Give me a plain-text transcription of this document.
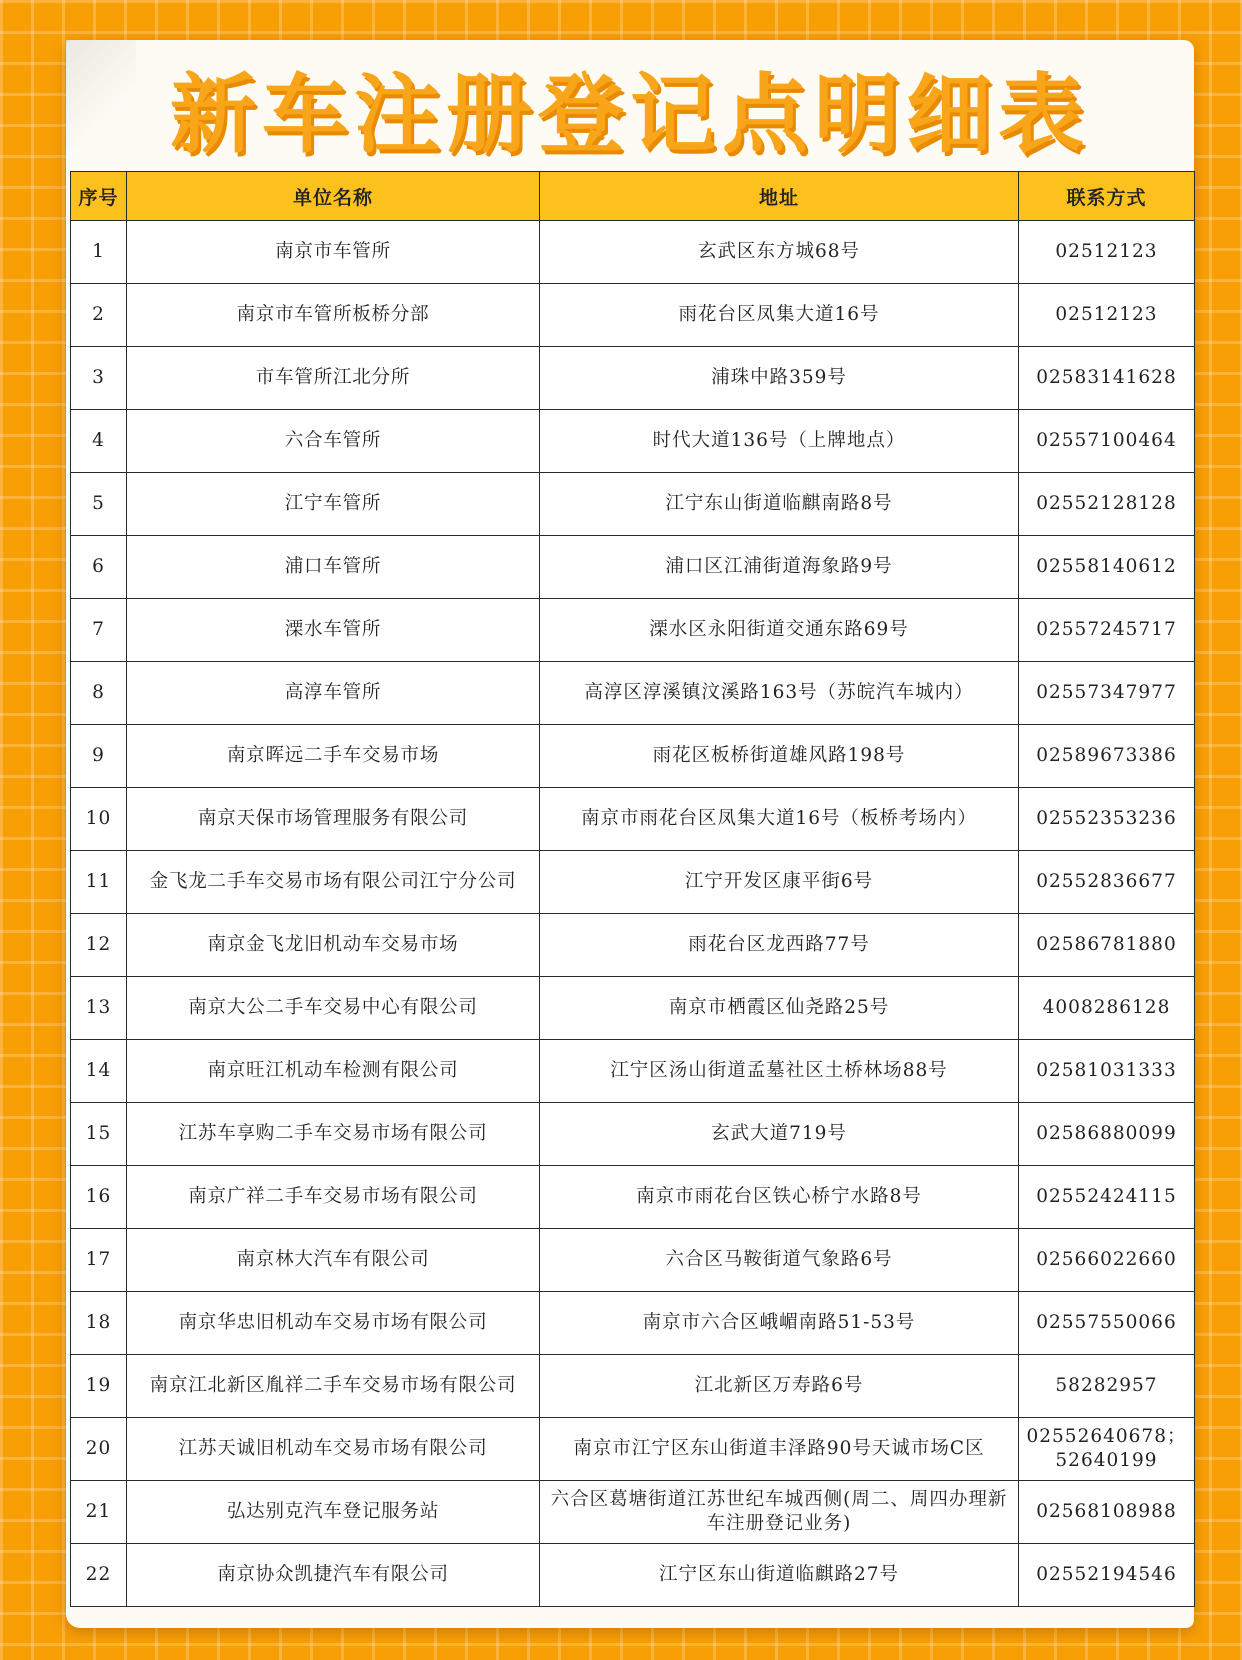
新车注册登记点明细表
序号	单位名称	地址	联系方式
1	南京市车管所	玄武区东方城68号	02512123
2	南京市车管所板桥分部	雨花台区凤集大道16号	02512123
3	市车管所江北分所	浦珠中路359号	02583141628
4	六合车管所	时代大道136号（上牌地点）	02557100464
5	江宁车管所	江宁东山街道临麒南路8号	02552128128
6	浦口车管所	浦口区江浦街道海象路9号	02558140612
7	溧水车管所	溧水区永阳街道交通东路69号	02557245717
8	高淳车管所	高淳区淳溪镇汶溪路163号（苏皖汽车城内）	02557347977
9	南京晖远二手车交易市场	雨花区板桥街道雄风路198号	02589673386
10	南京天保市场管理服务有限公司	南京市雨花台区凤集大道16号（板桥考场内）	02552353236
11	金飞龙二手车交易市场有限公司江宁分公司	江宁开发区康平街6号	02552836677
12	南京金飞龙旧机动车交易市场	雨花台区龙西路77号	02586781880
13	南京大公二手车交易中心有限公司	南京市栖霞区仙尧路25号	4008286128
14	南京旺江机动车检测有限公司	江宁区汤山街道孟墓社区土桥林场88号	02581031333
15	江苏车享购二手车交易市场有限公司	玄武大道719号	02586880099
16	南京广祥二手车交易市场有限公司	南京市雨花台区铁心桥宁水路8号	02552424115
17	南京林大汽车有限公司	六合区马鞍街道气象路6号	02566022660
18	南京华忠旧机动车交易市场有限公司	南京市六合区峨嵋南路51-53号	02557550066
19	南京江北新区胤祥二手车交易市场有限公司	江北新区万寿路6号	58282957
20	江苏天诚旧机动车交易市场有限公司	南京市江宁区东山街道丰泽路90号天诚市场C区	02552640678；52640199
21	弘达别克汽车登记服务站	六合区葛塘街道江苏世纪车城西侧(周二、周四办理新车注册登记业务)	02568108988
22	南京协众凯捷汽车有限公司	江宁区东山街道临麒路27号	02552194546
